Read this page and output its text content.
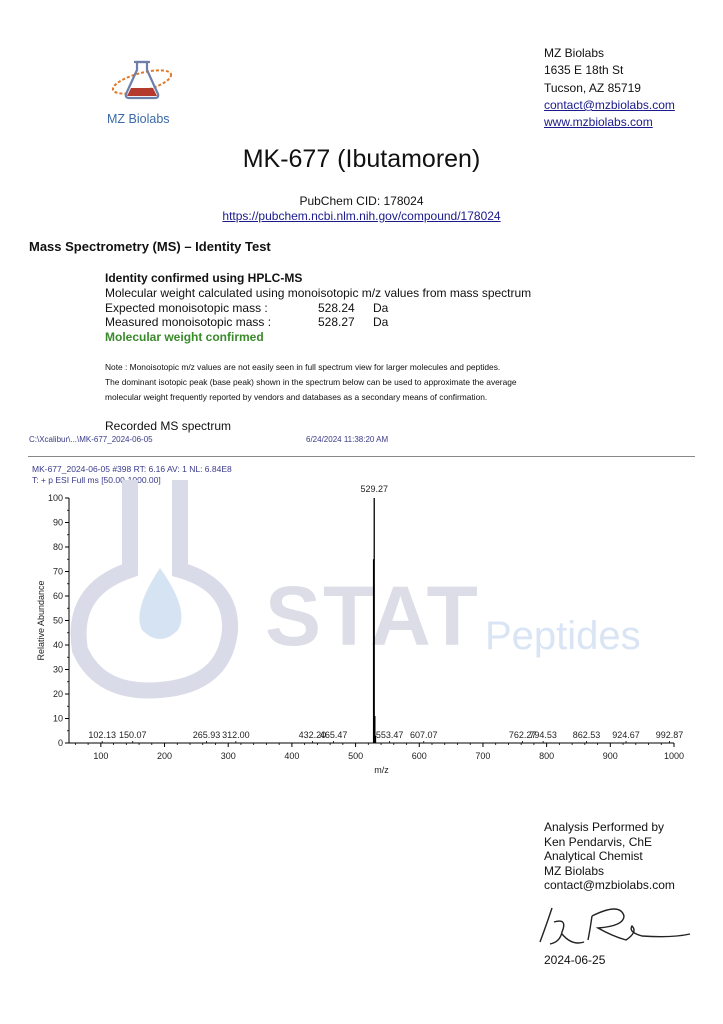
MZ Biolabs
MZ Biolabs
1635 E 18th St
Tucson, AZ 85719
contact@mzbiolabs.com
www.mzbiolabs.com
MK-677 (Ibutamoren)
PubChem CID: 178024
https://pubchem.ncbi.nlm.nih.gov/compound/178024
Mass Spectrometry (MS) – Identity Test
Identity confirmed using HPLC-MS
Molecular weight calculated using monoisotopic m/z values from mass spectrum
Expected monoisotopic mass :	528.24 Da
Measured monoisotopic mass :	528.27 Da
Molecular weight confirmed
Note : Monoisotopic m/z values are not easily seen in full spectrum view for larger molecules and peptides.
The dominant isotopic peak (base peak) shown in the spectrum below can be used to approximate the average
molecular weight frequently reported by vendors and databases as a secondary means of confirmation.
Recorded MS spectrum
C:\Xcalibur\...\MK-677_2024-06-05	6/24/2024 11:38:20 AM
MK-677_2024-06-05 #398 RT: 6.16 AV: 1 NL: 6.84E8
T: + p ESI Full ms [50.00-1000.00]
STAT Peptides
0
10
20
30
40
50
60
70
80
90
100
100	200	300	400	500	600	700	800	900	1000
m/z
Relative Abundance
529.27
102.13 150.07	265.93 312.00	432.20
465.47	553.47 607.07	762.27
794.53 862.53 924.67 992.87
Analysis Performed by
Ken Pendarvis, ChE
Analytical Chemist
MZ Biolabs
contact@mzbiolabs.com
2024-06-25
